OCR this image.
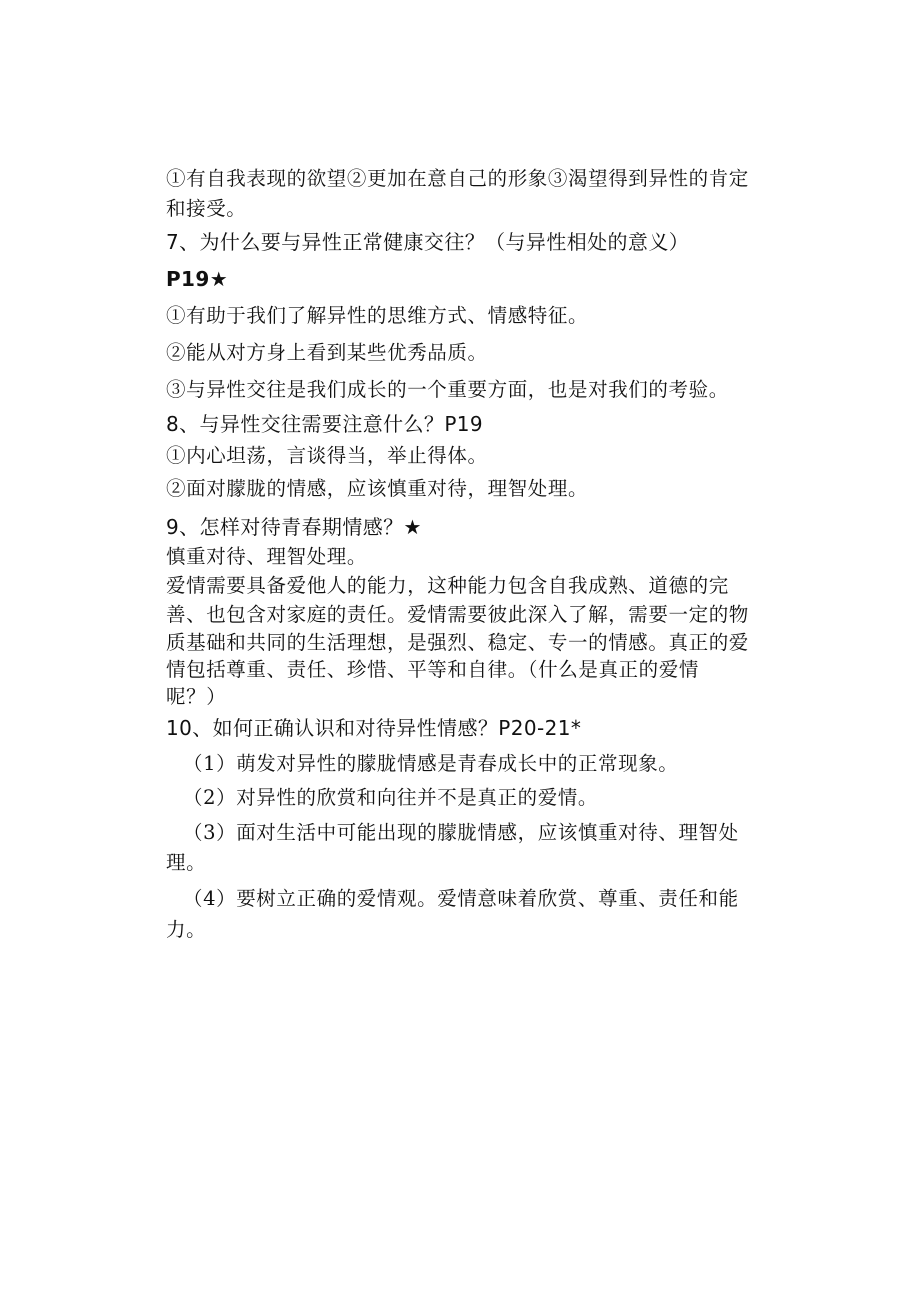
①有自我表现的欲望②更加在意自己的形象③渴望得到异性的肯定
和接受。
7、为什么要与异性正常健康交往？（与异性相处的意义）
P19★
①有助于我们了解异性的思维方式、情感特征。
②能从对方身上看到某些优秀品质。
③与异性交往是我们成长的一个重要方面，也是对我们的考验。
8、与异性交往需要注意什么？P19
①内心坦荡，言谈得当，举止得体。
②面对朦胧的情感，应该慎重对待，理智处理。
9、怎样对待青春期情感？★
慎重对待、理智处理。
爱情需要具备爱他人的能力，这种能力包含自我成熟、道德的完
善、也包含对家庭的责任。爱情需要彼此深入了解，需要一定的物
质基础和共同的生活理想，是强烈、稳定、专一的情感。真正的爱
情包括尊重、责任、珍惜、平等和自律。（什么是真正的爱情
呢？）
10、如何正确认识和对待异性情感？P20-21*
（1）萌发对异性的朦胧情感是青春成长中的正常现象。
（2）对异性的欣赏和向往并不是真正的爱情。
（3）面对生活中可能出现的朦胧情感，应该慎重对待、理智处
理。
（4）要树立正确的爱情观。爱情意味着欣赏、尊重、责任和能
力。
